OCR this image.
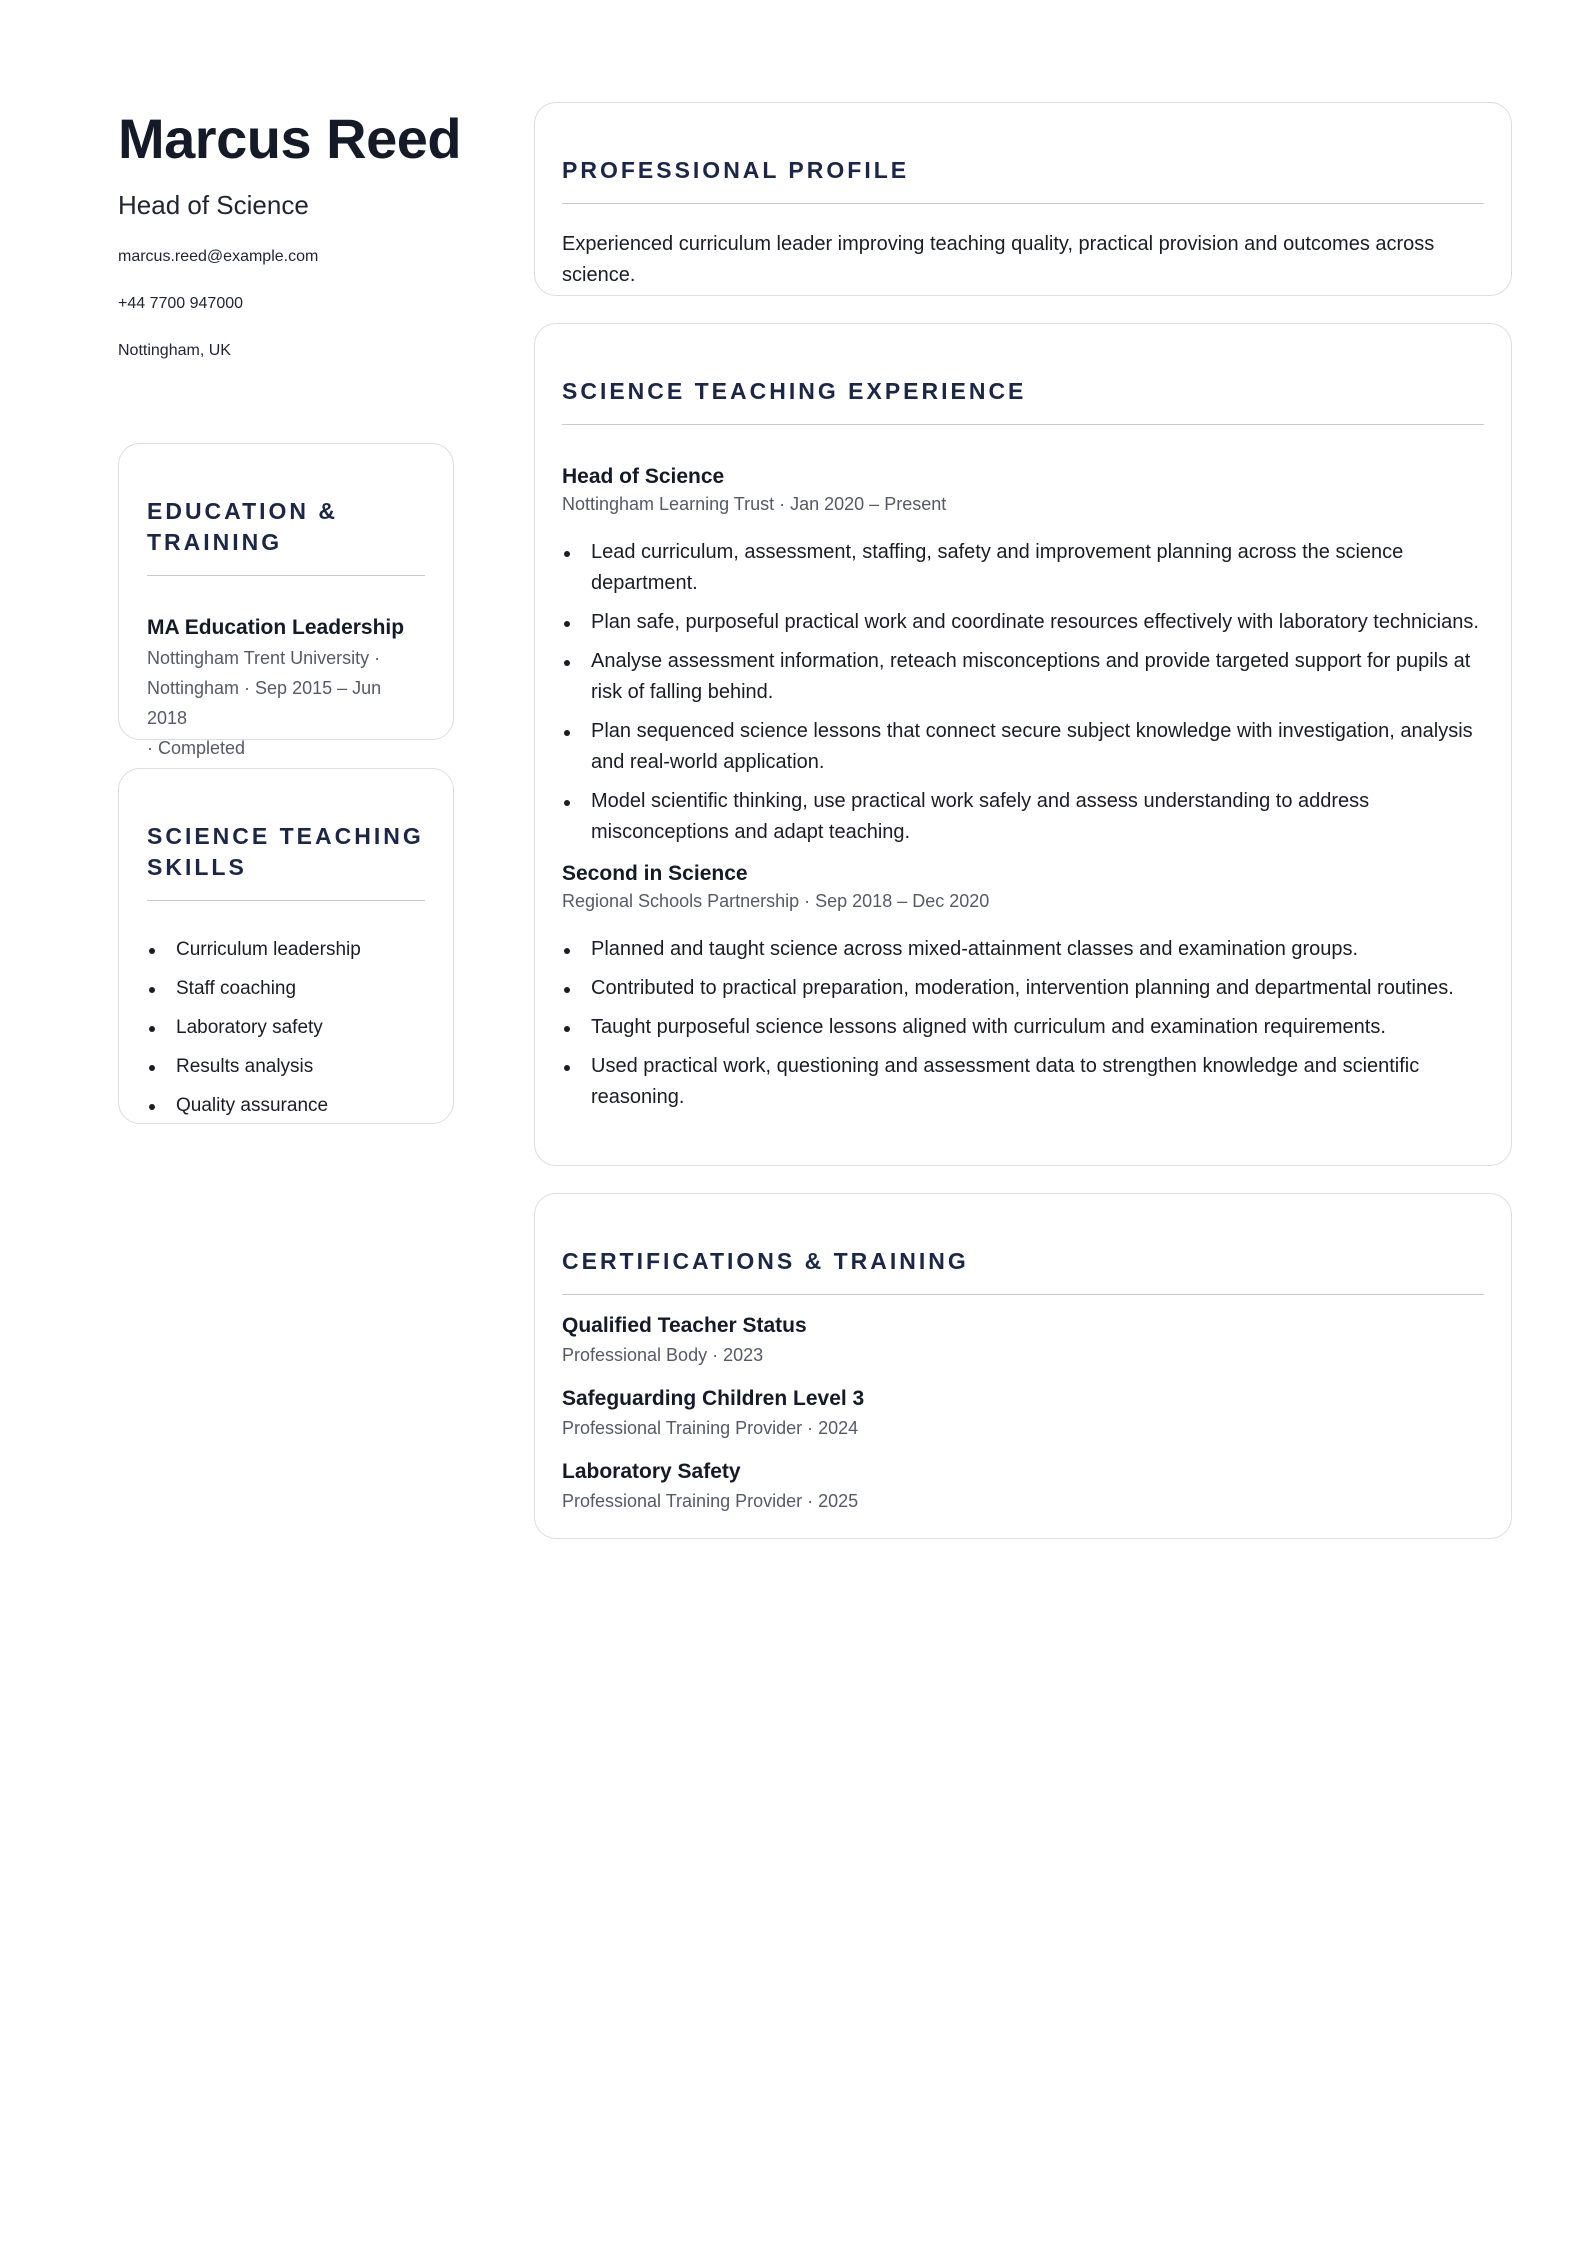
Marcus Reed
Head of Science
marcus.reed@example.com
+44 7700 947000
Nottingham, UK
EDUCATION & TRAINING
MA Education Leadership
Nottingham Trent University ·
Nottingham · Sep 2015 – Jun 2018
· Completed
SCIENCE TEACHING SKILLS
Curriculum leadership
Staff coaching
Laboratory safety
Results analysis
Quality assurance
PROFESSIONAL PROFILE
Experienced curriculum leader improving teaching quality, practical provision and outcomes across science.
SCIENCE TEACHING EXPERIENCE
Head of Science
Nottingham Learning Trust · Jan 2020 – Present
Lead curriculum, assessment, staffing, safety and improvement planning across the science department.
Plan safe, purposeful practical work and coordinate resources effectively with laboratory technicians.
Analyse assessment information, reteach misconceptions and provide targeted support for pupils at risk of falling behind.
Plan sequenced science lessons that connect secure subject knowledge with investigation, analysis and real-world application.
Model scientific thinking, use practical work safely and assess understanding to address misconceptions and adapt teaching.
Second in Science
Regional Schools Partnership · Sep 2018 – Dec 2020
Planned and taught science across mixed-attainment classes and examination groups.
Contributed to practical preparation, moderation, intervention planning and departmental routines.
Taught purposeful science lessons aligned with curriculum and examination requirements.
Used practical work, questioning and assessment data to strengthen knowledge and scientific reasoning.
CERTIFICATIONS & TRAINING
Qualified Teacher Status
Professional Body · 2023
Safeguarding Children Level 3
Professional Training Provider · 2024
Laboratory Safety
Professional Training Provider · 2025
